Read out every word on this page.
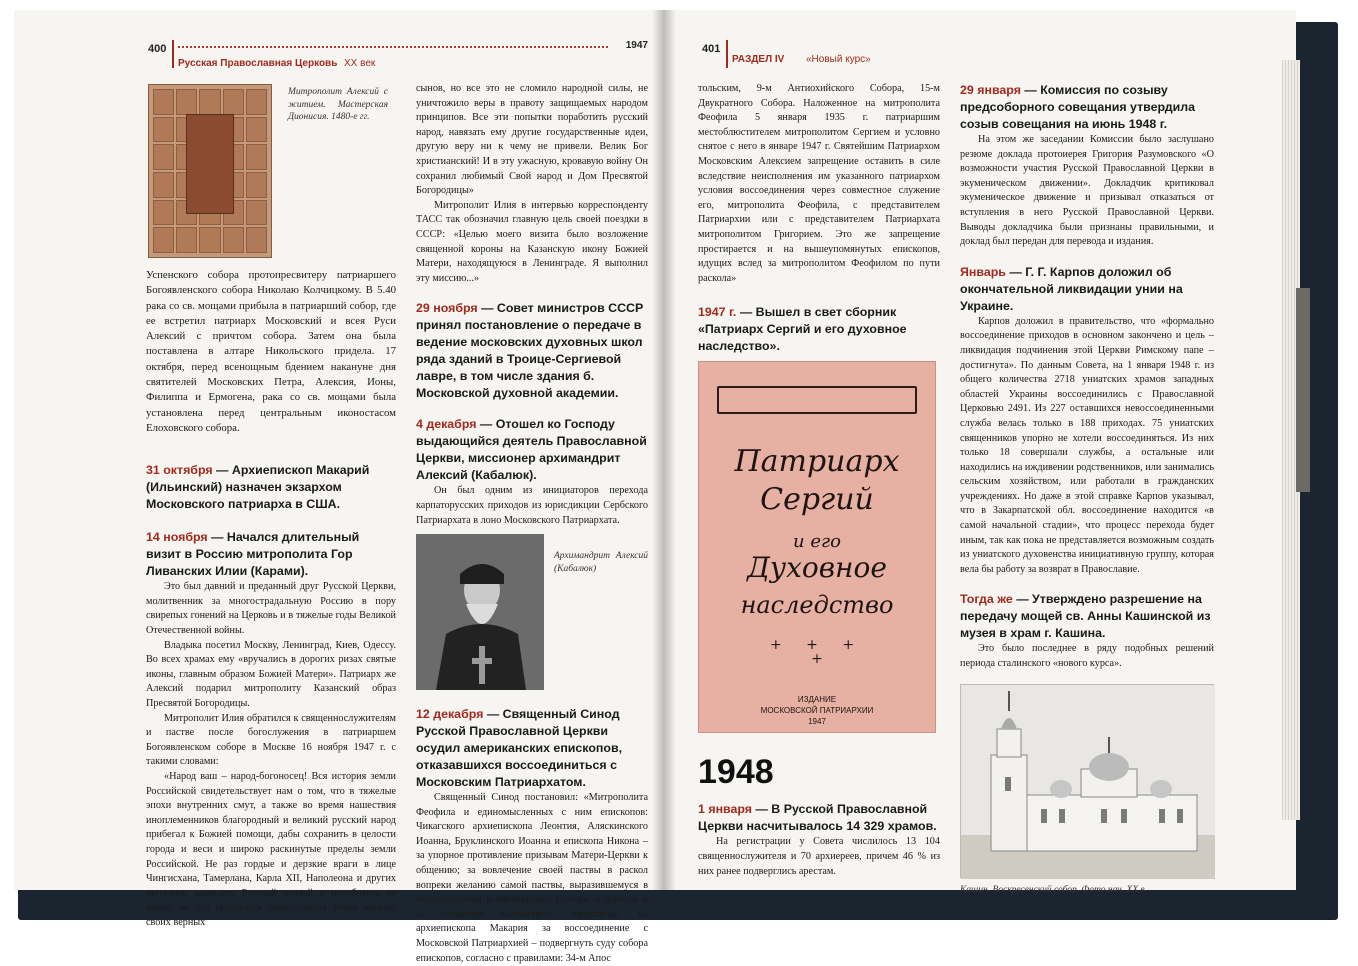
400	1947
Русская Православная Церковь XX век
Митрополит Алексий с житием. Мастерская Дионисия. 1480-е гг.

Успенского собора протопресвитеру патриаршего Богоявленского собора Николаю Колчицкому. В 5.40 рака со св. мощами прибыла в патриарший собор, где ее встретил патриарх Московский и всея Руси Алексий с причтом собора. Затем она была поставлена в алтаре Никольского придела. 17 октября, перед всенощным бдением накануне дня святителей Московских Петра, Алексия, Ионы, Филиппа и Ермогена, рака со св. мощами была установлена перед центральным иконостасом Елоховского собора.

31 октября — Архиепископ Макарий (Ильинский) назначен экзархом Московского патриарха в США.

14 ноября — Начался длительный визит в Россию митрополита Гор Ливанских Илии (Карами).

Это был давний и преданный друг Русской Церкви, молитвенник за многострадальную Россию в пору свирепых гонений на Церковь и в тяжелые годы Великой Отечественной войны.

Владыка посетил Москву, Ленинград, Киев, Одессу. Во всех храмах ему «вручались в дорогих ризах святые иконы, главным образом Божией Матери». Патриарх же Алексий подарил митрополиту Казанский образ Пресвятой Богородицы.

Митрополит Илия обратился к священнослужителям и пастве после богослужения в патриаршем Богоявленском соборе в Москве 16 ноября 1947 г. с такими словами:

«Народ ваш – народ-богоносец! Вся история земли Российской свидетельствует нам о том, что в тяжелые эпохи внутренних смут, а также во время нашествия иноплеменников благородный и великий русский народ прибегал к Божией помощи, дабы сохранить в целости города и веси и широко раскинутые пределы земли Российской. Не раз гордые и дерзкие враги в лице Чингисхана, Тамерлана, Карла XII, Наполеона и других пытались завладеть Русской землей и поработить ее народ, не раз орошалась православная земля кровью своих верных

сынов, но все это не сломило народной силы, не уничтожило веры в правоту защищаемых народом принципов. Все эти попытки поработить русский народ, навязать ему другие государственные идеи, другую веру ни к чему не привели. Велик Бог христианский! И в эту ужасную, кровавую войну Он сохранил любимый Свой народ и Дом Пресвятой Богородицы»

Митрополит Илия в интервью корреспонденту ТАСС так обозначил главную цель своей поездки в СССР: «Целью моего визита было возложение священной короны на Казанскую икону Божией Матери, находящуюся в Ленинграде. Я выполнил эту миссию...»

29 ноября — Совет министров СССР принял постановление о передаче в ведение московских духовных школ ряда зданий в Троице-Сергиевой лавре, в том числе здания б. Московской духовной академии.

4 декабря — Отошел ко Господу выдающийся деятель Православной Церкви, миссионер архимандрит Алексий (Кабалюк).

Он был одним из инициаторов перехода карпаторусских приходов из юрисдикции Сербского Патриархата в лоно Московского Патриархата.

Архимандрит Алексий (Кабалюк)

12 декабря — Священный Синод Русской Православной Церкви осудил американских епископов, отказавшихся воссоединиться с Московским Патриархатом.

Священный Синод постановил: «Митрополита Феофила и единомысленных с ним епископов: Чикагского архиепископа Леонтия, Аляскинского Иоанна, Бруклинского Иоанна и епископа Никона – за упорное противление призывам Матери-Церкви к общению; за вовлечение своей паствы в раскол вопреки желанию самой паствы, выразившемуся в постановлении Кливлендского Собора, а первого и за незаконно наложенное "проклятие" на архиепископа Макария за воссоединение с Московской Патриархией – подвергнуть суду собора епископов, согласно с правилами: 34-м Апос

401
РАЗДЕЛ IV «Новый курс»

тольским, 9-м Антиохийского Собора, 15-м Двукратного Собора. Наложенное на митрополита Феофила 5 января 1935 г. патриаршим местоблюстителем митрополитом Сергием и условно снятое с него в январе 1947 г. Святейшим Патриархом Московским Алексием запрещение оставить в силе вследствие неисполнения им указанного патриархом условия воссоединения через совместное служение его, митрополита Феофила, с представителем Патриархии или с представителем Патриархата митрополитом Григорием. Это же запрещение простирается и на вышеупомянутых епископов, идущих вслед за митрополитом Феофилом по пути раскола»

1947 г. — Вышел в свет сборник «Патриарх Сергий и его духовное наследство».

Патриарх
Сергий
и его
Духовное
наследство
+ + +
+
ИЗДАНИЕ
МОСКОВСКОЙ ПАТРИАРХИИ
1947
1948

1 января — В Русской Православной Церкви насчитывалось 14 329 храмов.

На регистрации у Совета числилось 13 104 священнослужителя и 70 архиереев, причем 46 % из них ранее подверглись арестам.

29 января — Комиссия по созыву предсоборного совещания утвердила созыв совещания на июнь 1948 г.

На этом же заседании Комиссии было заслушано резюме доклада протоиерея Григория Разумовского «О возможности участия Русской Православной Церкви в экуменическом движении». Докладчик критиковал экуменическое движение и призывал отказаться от вступления в него Русской Православной Церкви. Выводы докладчика были признаны правильными, и доклад был передан для перевода и издания.

Январь — Г. Г. Карпов доложил об окончательной ликвидации унии на Украине.

Карпов доложил в правительство, что «формально воссоединение приходов в основном закончено и цель – ликвидация подчинения этой Церкви Римскому папе – достигнута». По данным Совета, на 1 января 1948 г. из общего количества 2718 униатских храмов западных областей Украины воссоединились с Православной Церковью 2491. Из 227 оставшихся невоссоединенными служба велась только в 188 приходах. 75 униатских священников упорно не хотели воссоединяться. Из них только 18 совершали службы, а остальные или находились на иждивении родственников, или занимались сельским хозяйством, или работали в гражданских учреждениях. Но даже в этой справке Карпов указывал, что в Закарпатской обл. воссоединение находится «в самой начальной стадии», что процесс перехода будет иным, так как пока не представляется возможным создать из униатского духовенства инициативную группу, которая вела бы работу за возврат в Православие.

Тогда же — Утверждено разрешение на передачу мощей св. Анны Кашинской из музея в храм г. Кашина.

Это было последнее в ряду подобных решений периода сталинского «нового курса».

Кашин. Воскресенский собор. Фото нач. XX в.
